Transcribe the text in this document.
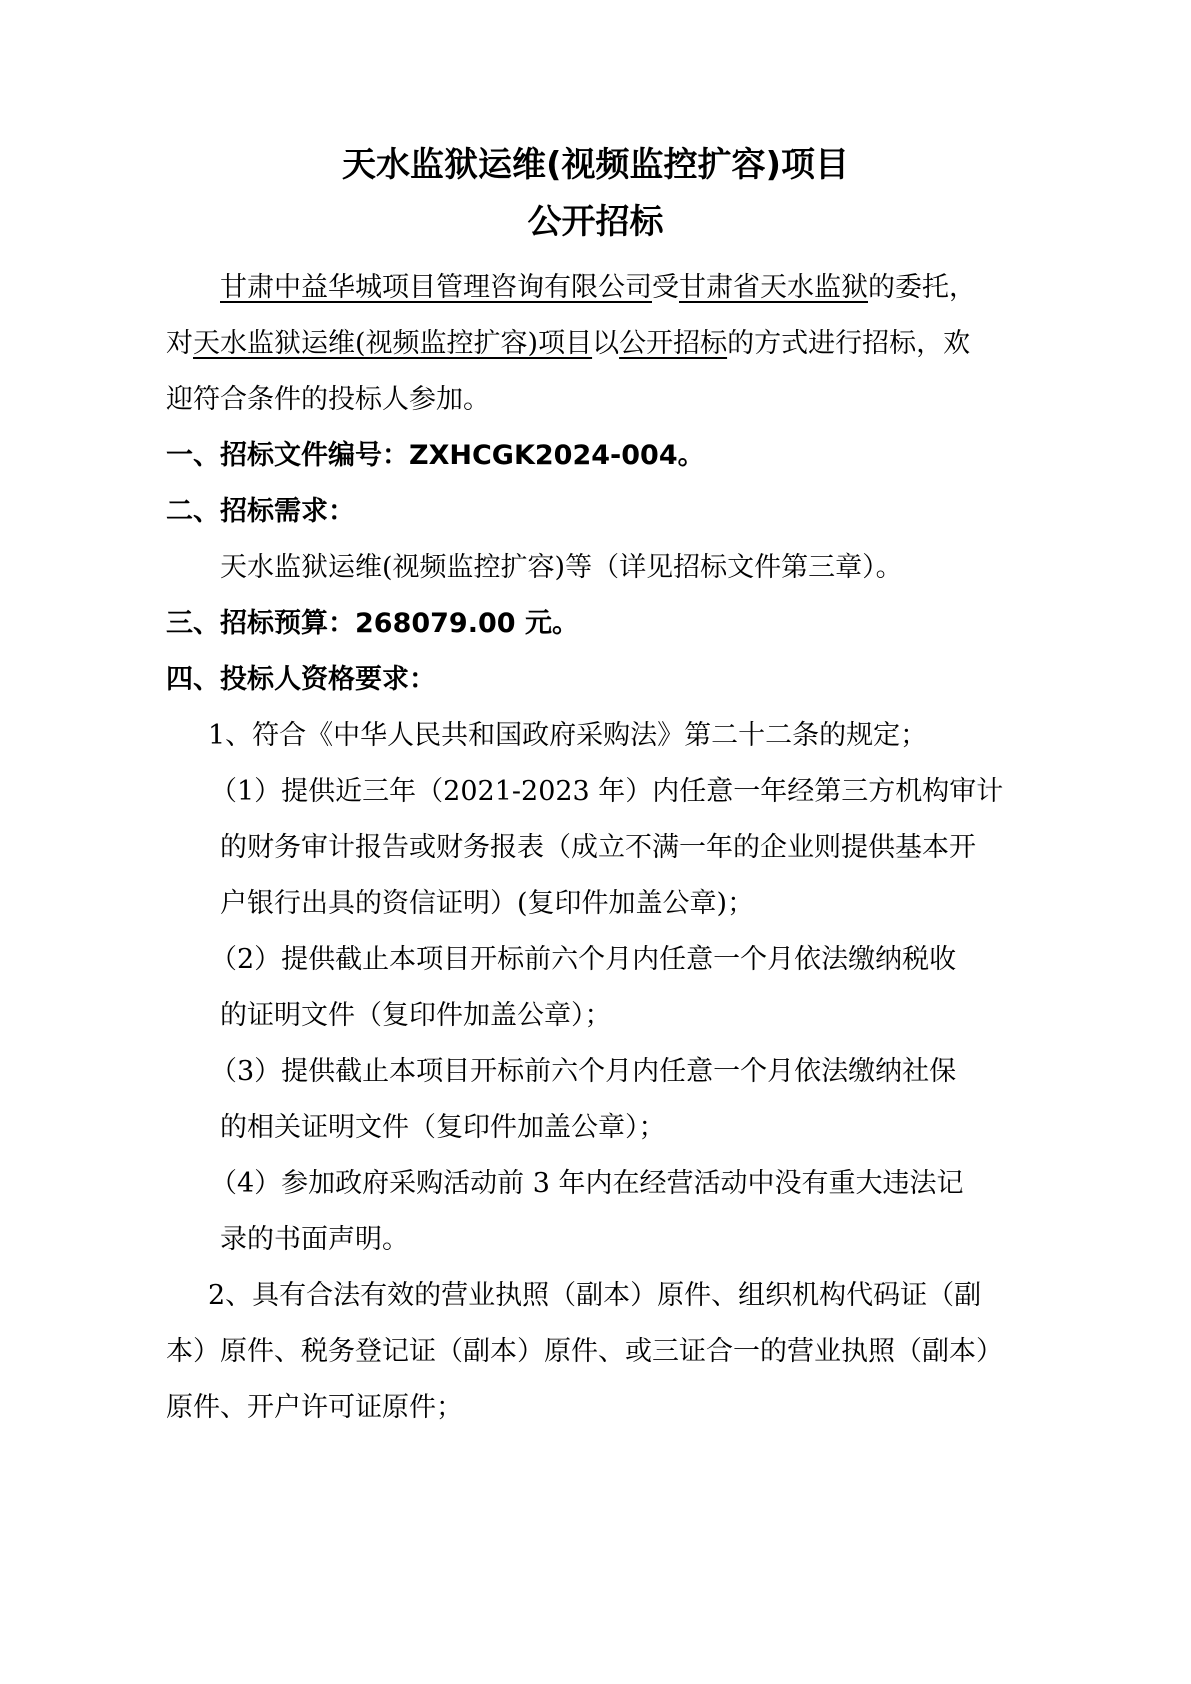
天水监狱运维(视频监控扩容)项目
公开招标
甘肃中益华城项目管理咨询有限公司受甘肃省天水监狱的委托，
对天水监狱运维(视频监控扩容)项目以公开招标的方式进行招标，欢
迎符合条件的投标人参加。
一、招标文件编号：ZXHCGK2024-004。
二、招标需求：
天水监狱运维(视频监控扩容)等（详见招标文件第三章）。
三、招标预算：268079.00 元。
四、投标人资格要求：
1、符合《中华人民共和国政府采购法》第二十二条的规定；
（1）提供近三年（2021-2023 年）内任意一年经第三方机构审计
的财务审计报告或财务报表（成立不满一年的企业则提供基本开
户银行出具的资信证明）(复印件加盖公章)；
（2）提供截止本项目开标前六个月内任意一个月依法缴纳税收
的证明文件（复印件加盖公章）；
（3）提供截止本项目开标前六个月内任意一个月依法缴纳社保
的相关证明文件（复印件加盖公章）；
（4）参加政府采购活动前 3 年内在经营活动中没有重大违法记
录的书面声明。
2、具有合法有效的营业执照（副本）原件、组织机构代码证（副
本）原件、税务登记证（副本）原件、或三证合一的营业执照（副本）
原件、开户许可证原件；
